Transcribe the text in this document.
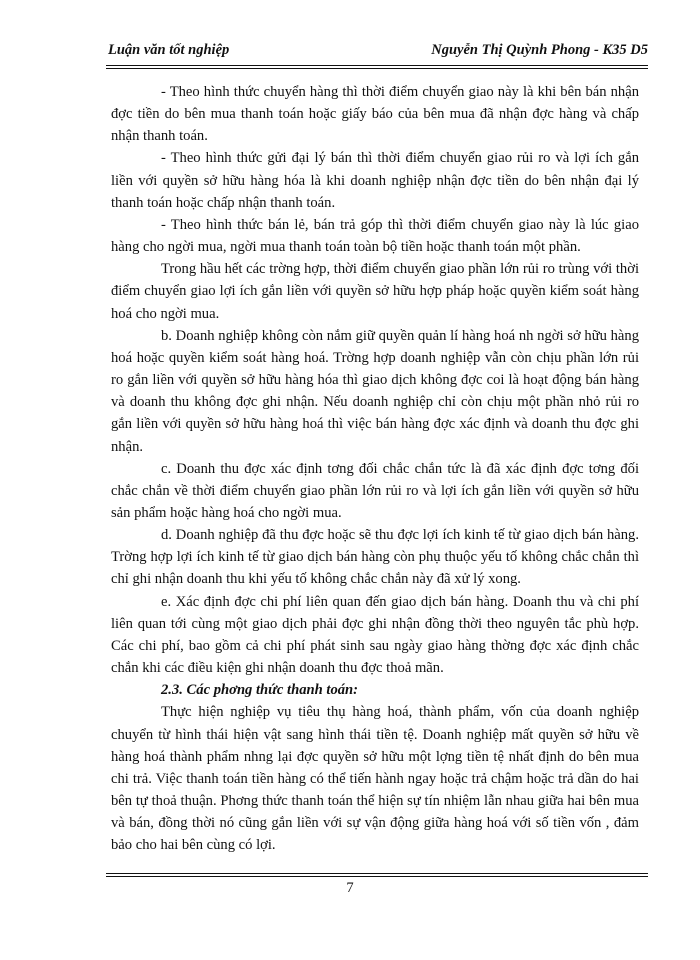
Luận văn tốt nghiệp	Nguyễn Thị Quỳnh Phong - K35 D5

- Theo hình thức chuyển hàng thì thời điểm chuyển giao này là khi bên bán nhận đợc tiền do bên mua thanh toán hoặc giấy báo của bên mua đã nhận đợc hàng và chấp nhận thanh toán.

- Theo hình thức gửi đại lý bán thì thời điểm chuyển giao rủi ro và lợi ích gắn liền với quyền sở hữu hàng hóa là khi doanh nghiệp nhận đợc tiền do bên nhận đại lý thanh toán hoặc chấp nhận thanh toán.

- Theo hình thức bán lẻ, bán trả góp thì thời điểm chuyển giao này là lúc giao hàng cho ngời mua, ngời mua thanh toán toàn bộ tiền hoặc thanh toán một phần.

Trong hầu hết các trờng hợp, thời điểm chuyển giao phần lớn rủi ro trùng với thời điểm chuyển giao lợi ích gắn liền với quyền sở hữu hợp pháp hoặc quyền kiểm soát hàng hoá cho ngời mua.

b. Doanh nghiệp không còn nắm giữ quyền quản lí hàng hoá nh ngời sở hữu hàng hoá hoặc quyền kiểm soát hàng hoá. Trờng hợp doanh nghiệp vẫn còn chịu phần lớn rủi ro gắn liền với quyền sở hữu hàng hóa thì giao dịch không đợc coi là hoạt động bán hàng và doanh thu không đợc ghi nhận. Nếu doanh nghiệp chỉ còn chịu một phần nhỏ rủi ro gắn liền với quyền sở hữu hàng hoá thì việc bán hàng đợc xác định và doanh thu đợc ghi nhận.

c. Doanh thu đợc xác định tơng đối chắc chắn tức là đã xác định đợc tơng đối chắc chắn về thời điểm chuyển giao phần lớn rủi ro và lợi ích gắn liền với quyền sở hữu sản phẩm hoặc hàng hoá cho ngời mua.

d. Doanh nghiệp đã thu đợc hoặc sẽ thu đợc lợi ích kinh tế từ giao dịch bán hàng. Trờng hợp lợi ích kinh tế từ giao dịch bán hàng còn phụ thuộc yếu tố không chắc chắn thì chỉ ghi nhận doanh thu khi yếu tố không chắc chắn này đã xử lý xong.

e. Xác định đợc chi phí liên quan đến giao dịch bán hàng. Doanh thu và chi phí liên quan tới cùng một giao dịch phải đợc ghi nhận đồng thời theo nguyên tắc phù hợp. Các chi phí, bao gồm cả chi phí phát sinh sau ngày giao hàng thờng đợc xác định chắc chắn khi các điều kiện ghi nhận doanh thu đợc thoả mãn.

2.3. Các phơng thức thanh toán:

Thực hiện nghiệp vụ tiêu thụ hàng hoá, thành phẩm, vốn của doanh nghiệp chuyển từ hình thái hiện vật sang hình thái tiền tệ. Doanh nghiệp mất quyền sở hữu về hàng hoá thành phẩm nhng lại đợc quyền sở hữu một lợng tiền tệ nhất định do bên mua chi trả. Việc thanh toán tiền hàng có thể tiến hành ngay hoặc trả chậm hoặc trả dần do hai bên tự thoả thuận. Phơng thức thanh toán thể hiện sự tín nhiệm lẫn nhau giữa hai bên mua và bán, đồng thời nó cũng gắn liền với sự vận động giữa hàng hoá với số tiền vốn , đảm bảo cho hai bên cùng có lợi.

7
